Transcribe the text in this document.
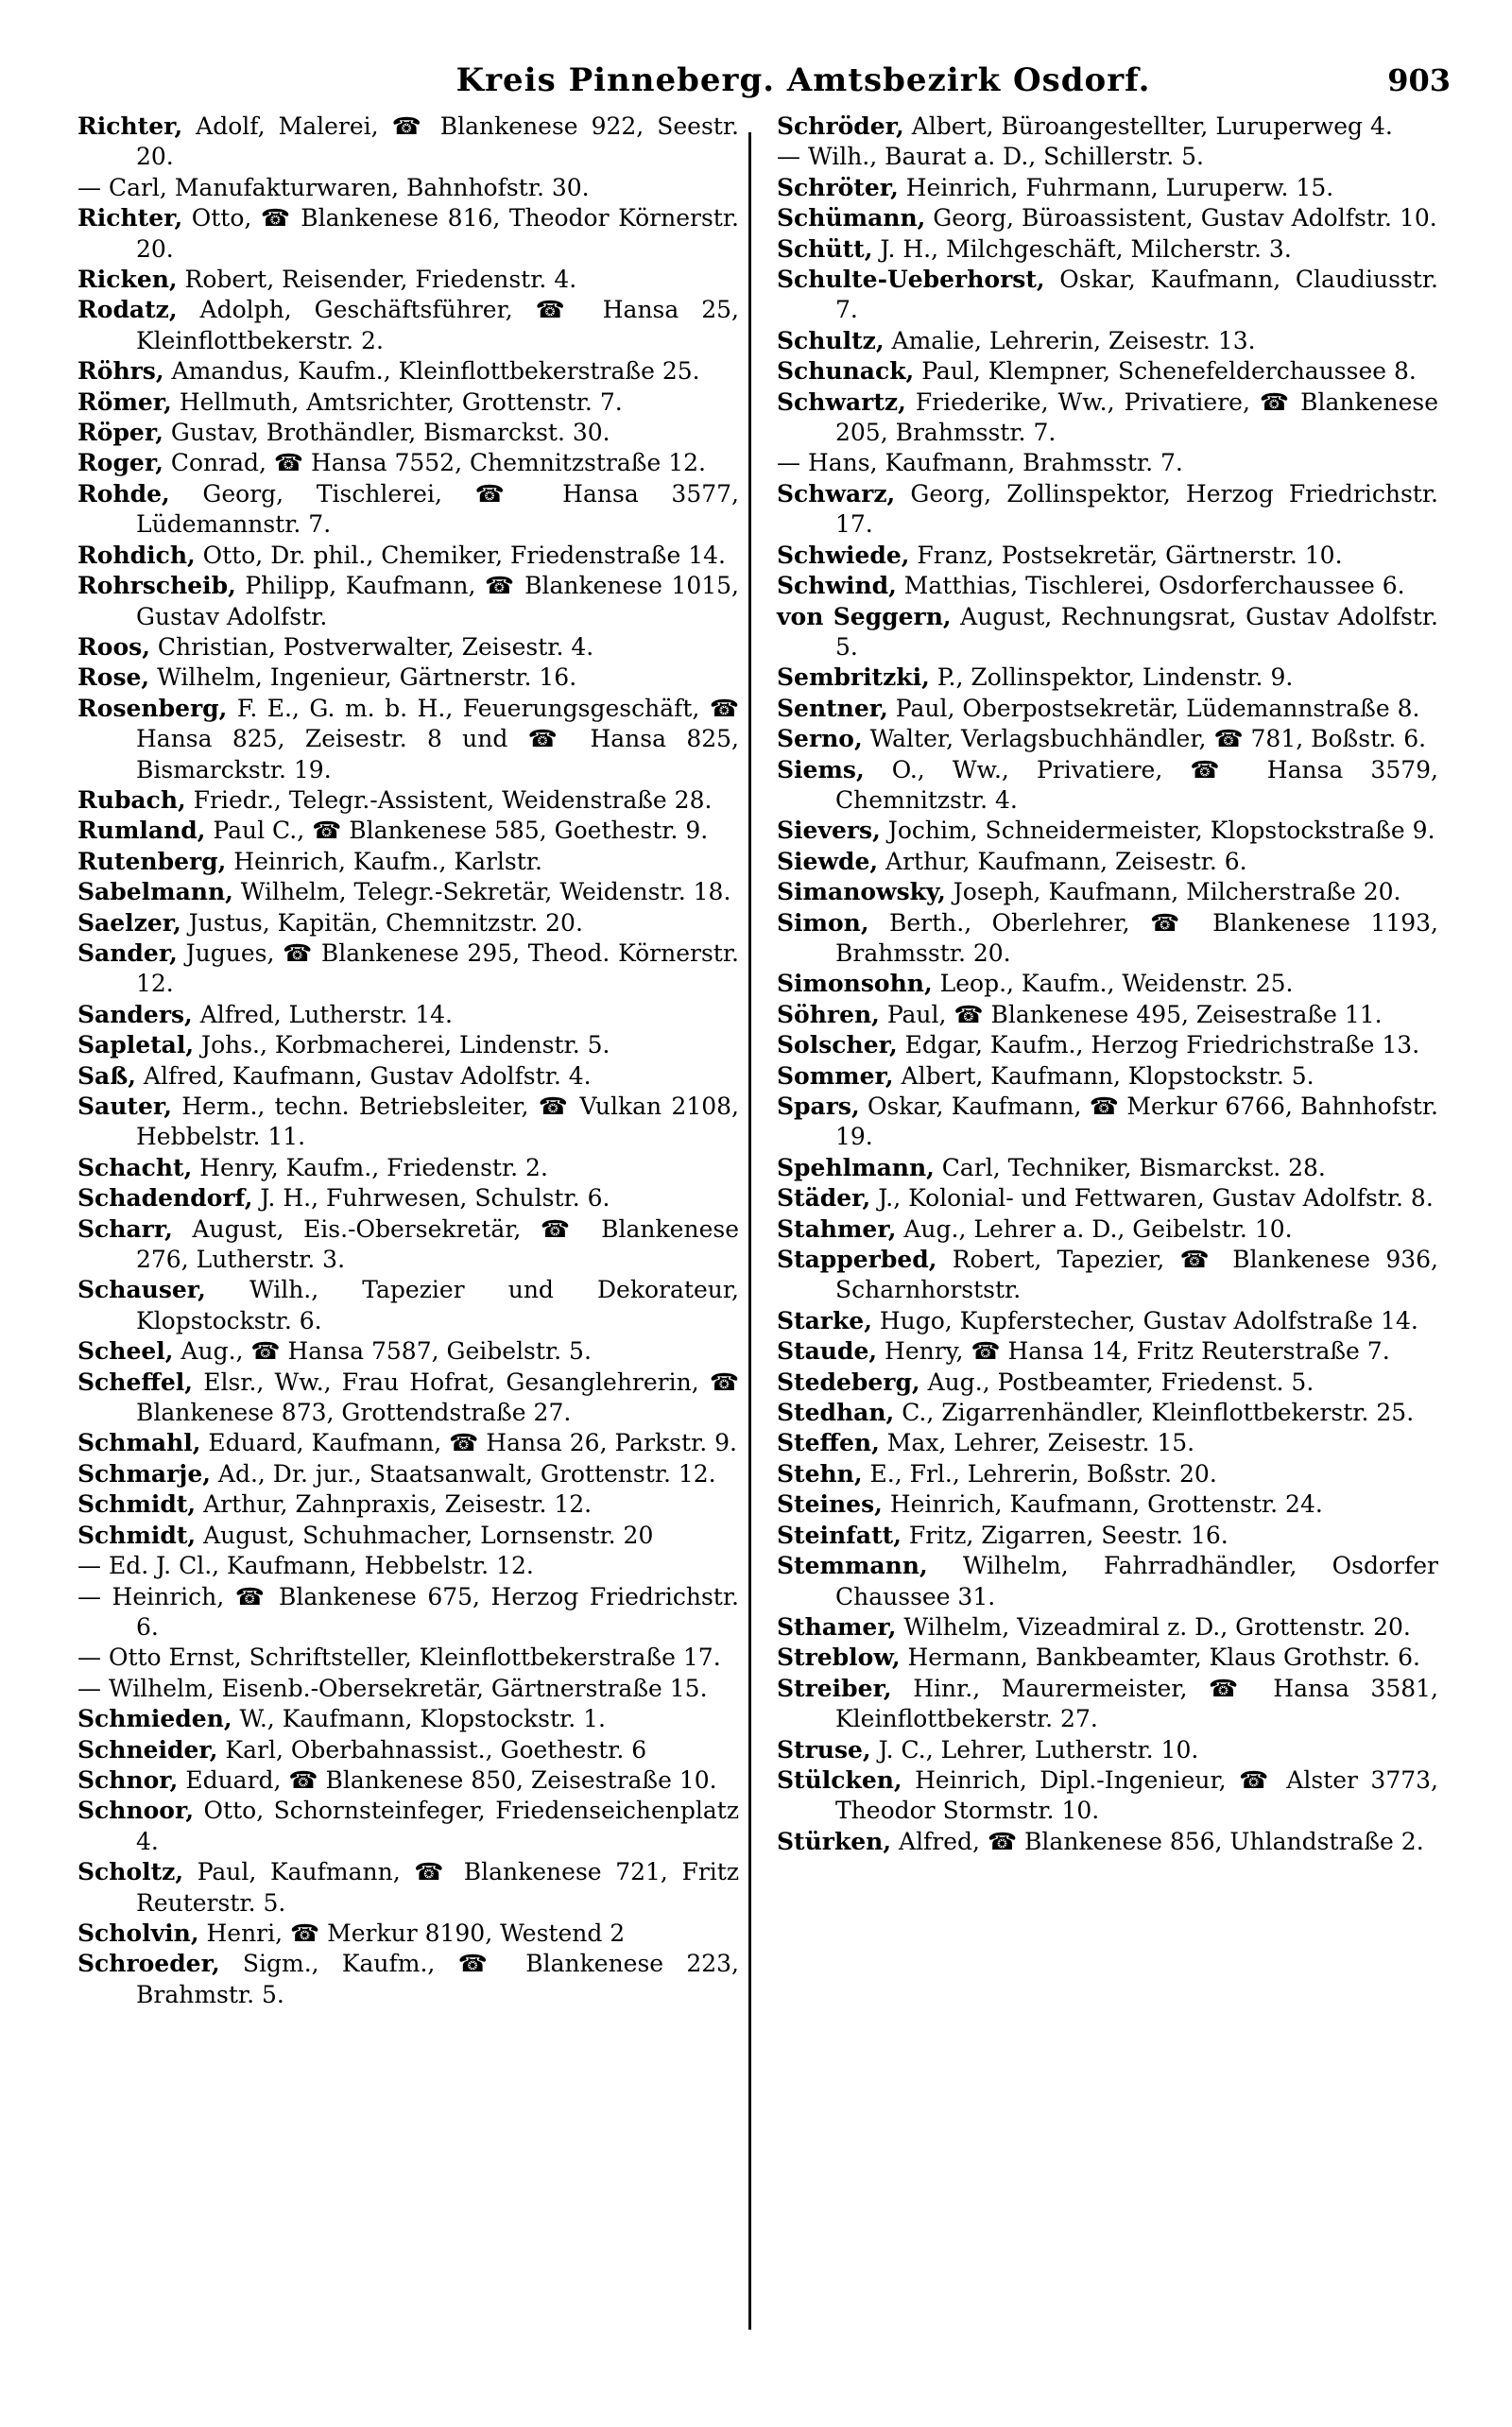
Kreis Pinneberg. Amtsbezirk Osdorf.	903

Richter, Adolf, Malerei, ☎ Blankenese 922, Seestr. 20.

— Carl, Manufakturwaren, Bahnhofstr. 30.

Richter, Otto, ☎ Blankenese 816, Theodor Körnerstr. 20.

Ricken, Robert, Reisender, Friedenstr. 4.

Rodatz, Adolph, Geschäftsführer, ☎ Hansa 25, Kleinflottbekerstr. 2.

Röhrs, Amandus, Kaufm., Kleinflottbekerstraße 25.

Römer, Hellmuth, Amtsrichter, Grottenstr. 7.

Röper, Gustav, Brothändler, Bismarckst. 30.

Roger, Conrad, ☎ Hansa 7552, Chemnitzstraße 12.

Rohde, Georg, Tischlerei, ☎ Hansa 3577, Lüdemannstr. 7.

Rohdich, Otto, Dr. phil., Chemiker, Friedenstraße 14.

Rohrscheib, Philipp, Kaufmann, ☎ Blankenese 1015, Gustav Adolfstr.

Roos, Christian, Postverwalter, Zeisestr. 4.

Rose, Wilhelm, Ingenieur, Gärtnerstr. 16.

Rosenberg, F. E., G. m. b. H., Feuerungsgeschäft, ☎ Hansa 825, Zeisestr. 8 und ☎ Hansa 825, Bismarckstr. 19.

Rubach, Friedr., Telegr.-Assistent, Weidenstraße 28.

Rumland, Paul C., ☎ Blankenese 585, Goethestr. 9.

Rutenberg, Heinrich, Kaufm., Karlstr.

Sabelmann, Wilhelm, Telegr.-Sekretär, Weidenstr. 18.

Saelzer, Justus, Kapitän, Chemnitzstr. 20.

Sander, Jugues, ☎ Blankenese 295, Theod. Körnerstr. 12.

Sanders, Alfred, Lutherstr. 14.

Sapletal, Johs., Korbmacherei, Lindenstr. 5.

Saß, Alfred, Kaufmann, Gustav Adolfstr. 4.

Sauter, Herm., techn. Betriebsleiter, ☎ Vulkan 2108, Hebbelstr. 11.

Schacht, Henry, Kaufm., Friedenstr. 2.

Schadendorf, J. H., Fuhrwesen, Schulstr. 6.

Scharr, August, Eis.-Obersekretär, ☎ Blankenese 276, Lutherstr. 3.

Schauser, Wilh., Tapezier und Dekorateur, Klopstockstr. 6.

Scheel, Aug., ☎ Hansa 7587, Geibelstr. 5.

Scheffel, Elsr., Ww., Frau Hofrat, Gesanglehrerin, ☎ Blankenese 873, Grottendstraße 27.

Schmahl, Eduard, Kaufmann, ☎ Hansa 26, Parkstr. 9.

Schmarje, Ad., Dr. jur., Staatsanwalt, Grottenstr. 12.

Schmidt, Arthur, Zahnpraxis, Zeisestr. 12.

Schmidt, August, Schuhmacher, Lornsenstr. 20

— Ed. J. Cl., Kaufmann, Hebbelstr. 12.

— Heinrich, ☎ Blankenese 675, Herzog Friedrichstr. 6.

— Otto Ernst, Schriftsteller, Kleinflottbekerstraße 17.

— Wilhelm, Eisenb.-Obersekretär, Gärtnerstraße 15.

Schmieden, W., Kaufmann, Klopstockstr. 1.

Schneider, Karl, Oberbahnassist., Goethestr. 6

Schnor, Eduard, ☎ Blankenese 850, Zeisestraße 10.

Schnoor, Otto, Schornsteinfeger, Friedenseichenplatz 4.

Scholtz, Paul, Kaufmann, ☎ Blankenese 721, Fritz Reuterstr. 5.

Scholvin, Henri, ☎ Merkur 8190, Westend 2

Schroeder, Sigm., Kaufm., ☎ Blankenese 223, Brahmstr. 5.

Schröder, Albert, Büroangestellter, Luruperweg 4.

— Wilh., Baurat a. D., Schillerstr. 5.

Schröter, Heinrich, Fuhrmann, Luruperw. 15.

Schümann, Georg, Büroassistent, Gustav Adolfstr. 10.

Schütt, J. H., Milchgeschäft, Milcherstr. 3.

Schulte-Ueberhorst, Oskar, Kaufmann, Claudiusstr. 7.

Schultz, Amalie, Lehrerin, Zeisestr. 13.

Schunack, Paul, Klempner, Schenefelderchaussee 8.

Schwartz, Friederike, Ww., Privatiere, ☎ Blankenese 205, Brahmsstr. 7.

— Hans, Kaufmann, Brahmsstr. 7.

Schwarz, Georg, Zollinspektor, Herzog Friedrichstr. 17.

Schwiede, Franz, Postsekretär, Gärtnerstr. 10.

Schwind, Matthias, Tischlerei, Osdorferchaussee 6.

von Seggern, August, Rechnungsrat, Gustav Adolfstr. 5.

Sembritzki, P., Zollinspektor, Lindenstr. 9.

Sentner, Paul, Oberpostsekretär, Lüdemannstraße 8.

Serno, Walter, Verlagsbuchhändler, ☎ 781, Boßstr. 6.

Siems, O., Ww., Privatiere, ☎ Hansa 3579, Chemnitzstr. 4.

Sievers, Jochim, Schneidermeister, Klopstockstraße 9.

Siewde, Arthur, Kaufmann, Zeisestr. 6.

Simanowsky, Joseph, Kaufmann, Milcherstraße 20.

Simon, Berth., Oberlehrer, ☎ Blankenese 1193, Brahmsstr. 20.

Simonsohn, Leop., Kaufm., Weidenstr. 25.

Söhren, Paul, ☎ Blankenese 495, Zeisestraße 11.

Solscher, Edgar, Kaufm., Herzog Friedrichstraße 13.

Sommer, Albert, Kaufmann, Klopstockstr. 5.

Spars, Oskar, Kaufmann, ☎ Merkur 6766, Bahnhofstr. 19.

Spehlmann, Carl, Techniker, Bismarckst. 28.

Städer, J., Kolonial- und Fettwaren, Gustav Adolfstr. 8.

Stahmer, Aug., Lehrer a. D., Geibelstr. 10.

Stapperbed, Robert, Tapezier, ☎ Blankenese 936, Scharnhorststr.

Starke, Hugo, Kupferstecher, Gustav Adolfstraße 14.

Staude, Henry, ☎ Hansa 14, Fritz Reuterstraße 7.

Stedeberg, Aug., Postbeamter, Friedenst. 5.

Stedhan, C., Zigarrenhändler, Kleinflottbekerstr. 25.

Steffen, Max, Lehrer, Zeisestr. 15.

Stehn, E., Frl., Lehrerin, Boßstr. 20.

Steines, Heinrich, Kaufmann, Grottenstr. 24.

Steinfatt, Fritz, Zigarren, Seestr. 16.

Stemmann, Wilhelm, Fahrradhändler, Osdorfer Chaussee 31.

Sthamer, Wilhelm, Vizeadmiral z. D., Grottenstr. 20.

Streblow, Hermann, Bankbeamter, Klaus Grothstr. 6.

Streiber, Hinr., Maurermeister, ☎ Hansa 3581, Kleinflottbekerstr. 27.

Struse, J. C., Lehrer, Lutherstr. 10.

Stülcken, Heinrich, Dipl.-Ingenieur, ☎ Alster 3773, Theodor Stormstr. 10.

Stürken, Alfred, ☎ Blankenese 856, Uhlandstraße 2.
